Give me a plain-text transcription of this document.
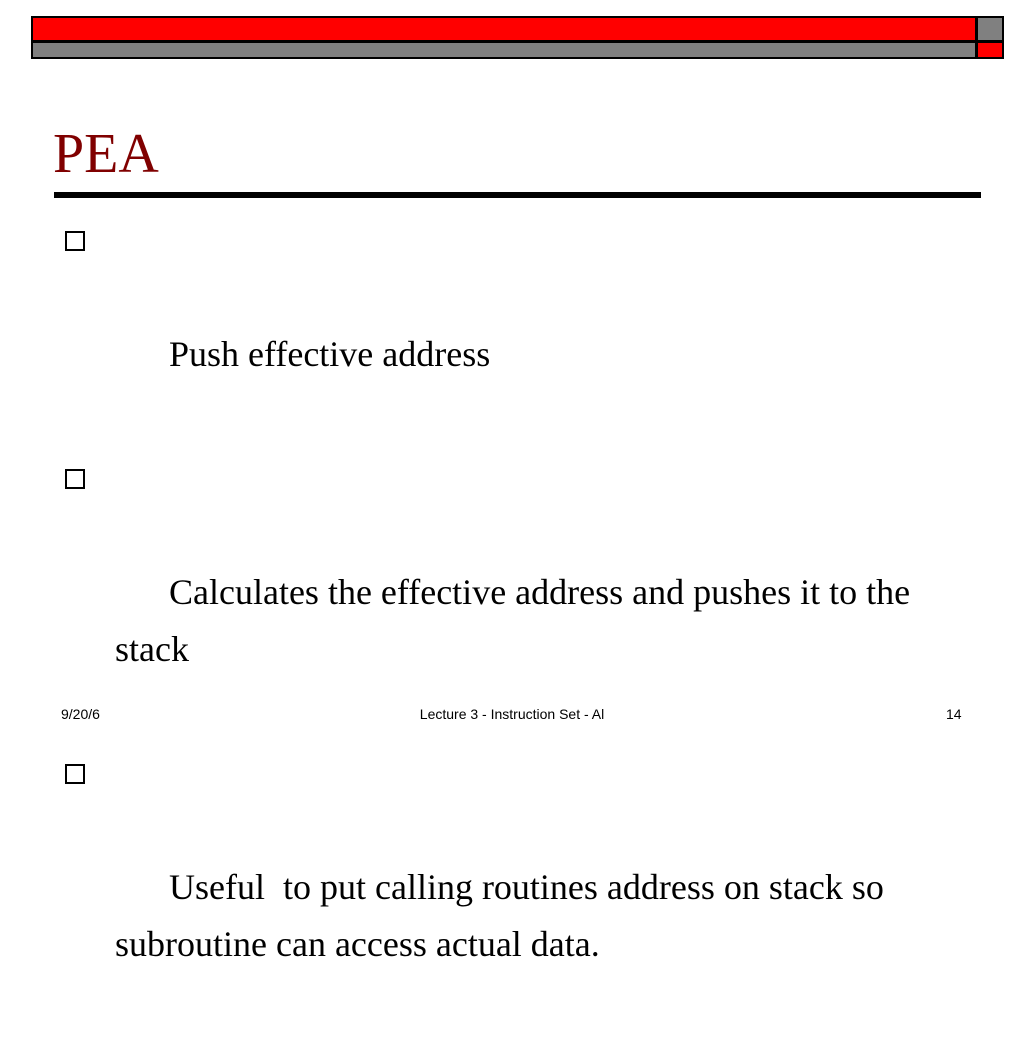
PEA

Push effective address

Calculates the effective address and pushes it to the stack

Useful  to put calling routines address on stack so subroutine can access actual data.

9/20/6	Lecture 3 - Instruction Set - Al	14
